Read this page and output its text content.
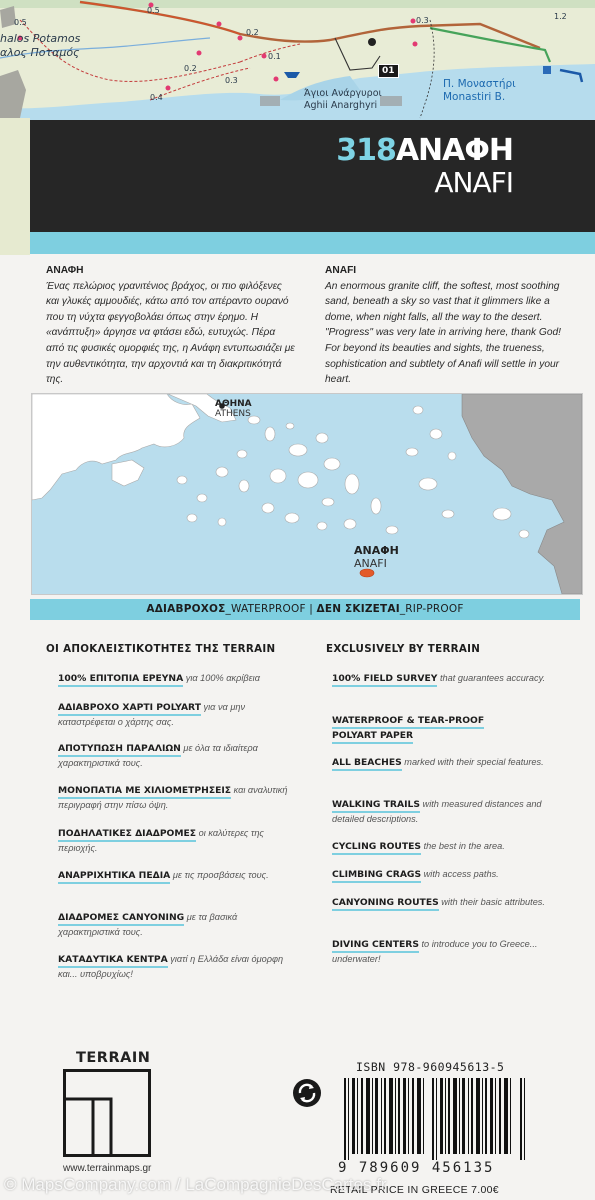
halos Potamos
αλος Ποταμός
Άγιοι Ανάργυροι
Aghii Anarghyri
Π. Μοναστήρι
Monastiri B.
01
0.5
0.5	0.3	1.2
0.2
0.1
0.2
0.3
0.4
318ΑΝΑΦΗ
ANAFI
ΑΝΑΦΗ
Ένας πελώριος γρανιτένιος βράχος, οι πιο φιλόξενες και γλυκές αμμουδιές, κάτω από τον απέραντο ουρανό που τη νύχτα φεγγοβολάει όπως στην έρημο. Η «ανάπτυξη» άργησε να φτάσει εδώ, ευτυχώς. Πέρα από τις φυσικές ομορφιές της, η Ανάφη εντυπωσιάζει με την αυθεντικότητα, την αρχοντιά και τη διακριτικότητά της.
ANAFI
An enormous granite cliff, the softest, most soothing sand, beneath a sky so vast that it glimmers like a dome, when night falls, all the way to the desert. "Progress" was very late in arriving here, thank God! For beyond its beauties and sights, the trueness, sophistication and subtlety of Anafi will settle in your heart.
ΑΘΗΝΑ
ATHENS
ΑΝΑΦΗ
ANAFI
ΑΔΙΑΒΡΟΧΟΣ_WATERPROOF | ΔΕΝ ΣΚΙΖΕΤΑΙ_RIP-PROOF
ΟΙ ΑΠΟΚΛΕΙΣΤΙΚΟΤΗΤΕΣ ΤΗΣ TERRAIN	EXCLUSIVELY BY TERRAIN
100% ΕΠΙΤΟΠΙΑ ΕΡΕΥΝΑ για 100% ακρίβεια
ΑΔΙΑΒΡΟΧΟ ΧΑΡΤΙ POLYART για να μην καταστρέφεται ο χάρτης σας.
ΑΠΟΤΥΠΩΣΗ ΠΑΡΑΛΙΩΝ με όλα τα ιδιαίτερα χαρακτηριστικά τους.
ΜΟΝΟΠΑΤΙΑ ΜΕ ΧΙΛΙΟΜΕΤΡΗΣΕΙΣ και αναλυτική περιγραφή στην πίσω όψη.
ΠΟΔΗΛΑΤΙΚΕΣ ΔΙΑΔΡΟΜΕΣ οι καλύτερες της περιοχής.
ΑΝΑΡΡΙΧΗΤΙΚΑ ΠΕΔΙΑ με τις προσβάσεις τους.
ΔΙΑΔΡΟΜΕΣ CANYONING με τα βασικά χαρακτηριστικά τους.
ΚΑΤΑΔΥΤΙΚΑ ΚΕΝΤΡΑ γιατί η Ελλάδα είναι όμορφη και... υποβρυχίως!
100% FIELD SURVEY that guarantees accuracy.
WATERPROOF & TEAR-PROOF POLYART PAPER
ALL BEACHES marked with their special features.
WALKING TRAILS with measured distances and detailed descriptions.
CYCLING ROUTES the best in the area.
CLIMBING CRAGS with access paths.
CANYONING ROUTES with their basic attributes.
DIVING CENTERS to introduce you to Greece... underwater!
TERRAIN
www.terrainmaps.gr
ISBN 978-960945613-5
9 789609 456135
RETAIL PRICE IN GREECE 7.00€
© MapsCompany.com / LaCompagnieDesCartes.fr
